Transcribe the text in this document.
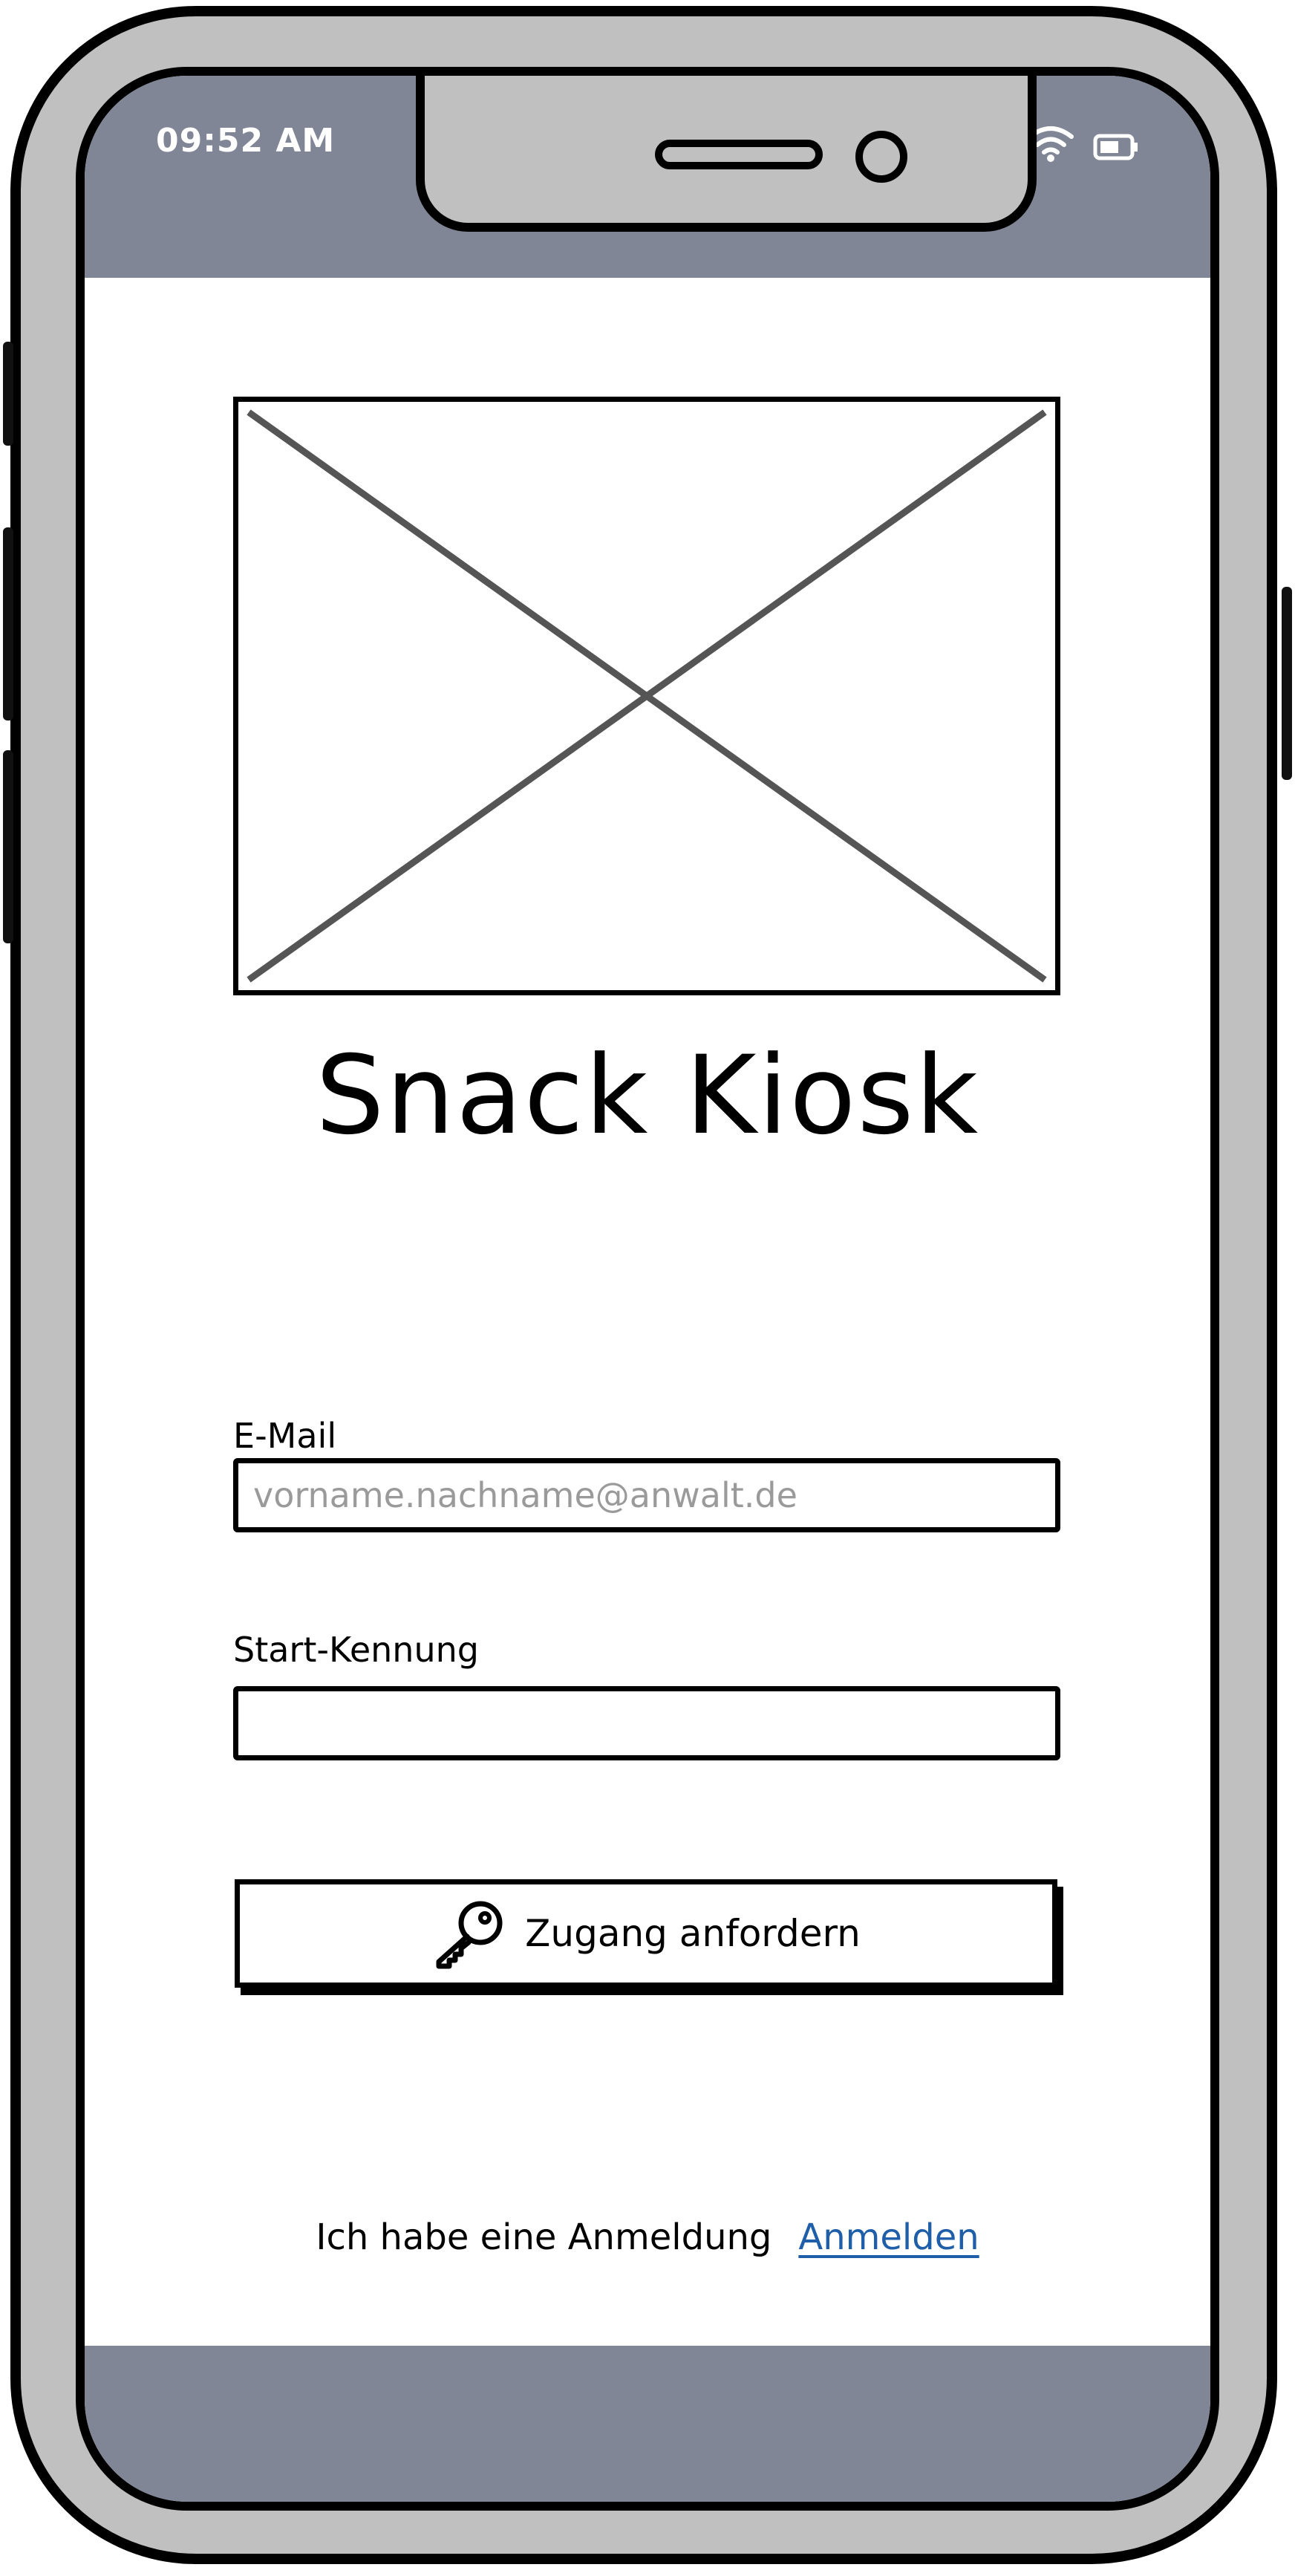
09:52 AM
Snack Kiosk
E-Mail
vorname.nachname@anwalt.de
Start-Kennung
Zugang anfordern
Ich habe eine Anmeldung Anmelden
